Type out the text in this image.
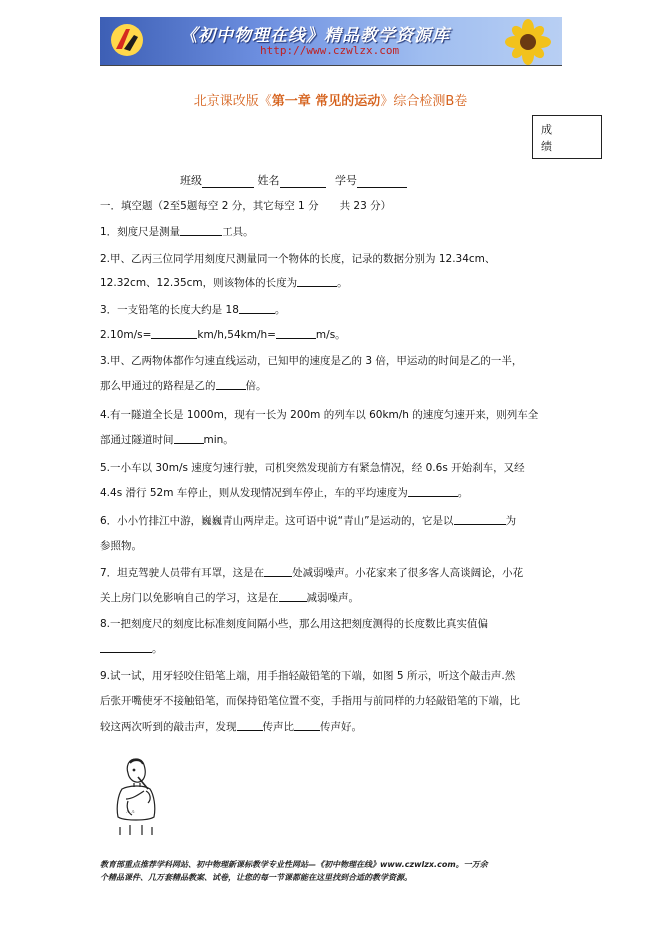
《初中物理在线》精品教学资源库
http://www.czwlzx.com
北京课改版《第一章 常见的运动》综合检测B卷
成绩
班级	姓名	学号
一．填空题（2至5题每空 2 分，其它每空 1 分　　共 23 分）
1．刻度尺是测量	工具。
2.甲、乙丙三位同学用刻度尺测量同一个物体的长度，记录的数据分别为 12.34cm、
12.32cm、12.35cm，则该物体的长度为	。
3．一支铅笔的长度大约是 18	。
2.10m/s=	km/h,54km/h=	m/s。
3.甲、乙两物体都作匀速直线运动，已知甲的速度是乙的 3 倍，甲运动的时间是乙的一半，
那么甲通过的路程是乙的	倍。
4.有一隧道全长是 1000m，现有一长为 200m 的列车以 60km/h 的速度匀速开来，则列车全
部通过隧道时间	min。
5.一小车以 30m/s 速度匀速行驶，司机突然发现前方有紧急情况，经 0.6s 开始刹车，又经
4.4s 滑行 52m 车停止，则从发现情况到车停止，车的平均速度为	。
6．小小竹排江中游，巍巍青山两岸走。这可语中说“青山”是运动的，它是以	为
参照物。
7．坦克驾驶人员带有耳罩，这是在	处减弱噪声。小花家来了很多客人高谈阔论，小花
关上房门以免影响自己的学习，这是在	减弱噪声。
8.一把刻度尺的刻度比标准刻度间隔小些，那么用这把刻度测得的长度数比真实值偏
。
9.试一试，用牙轻咬住铅笔上端，用手指轻敲铅笔的下端，如图 5 所示，听这个敲击声.然
后张开嘴使牙不接触铅笔，而保持铅笔位置不变，手指用与前同样的力轻敲铅笔的下端，比
较这两次听到的敲击声，发现 传声比 传声好。
ル ル
教育部重点推荐学科网站、初中物理新课标教学专业性网站—《初中物理在线》www.czwlzx.com。一万余
个精品课件、几万套精品教案、试卷，让您的每一节课都能在这里找到合适的教学资源。
